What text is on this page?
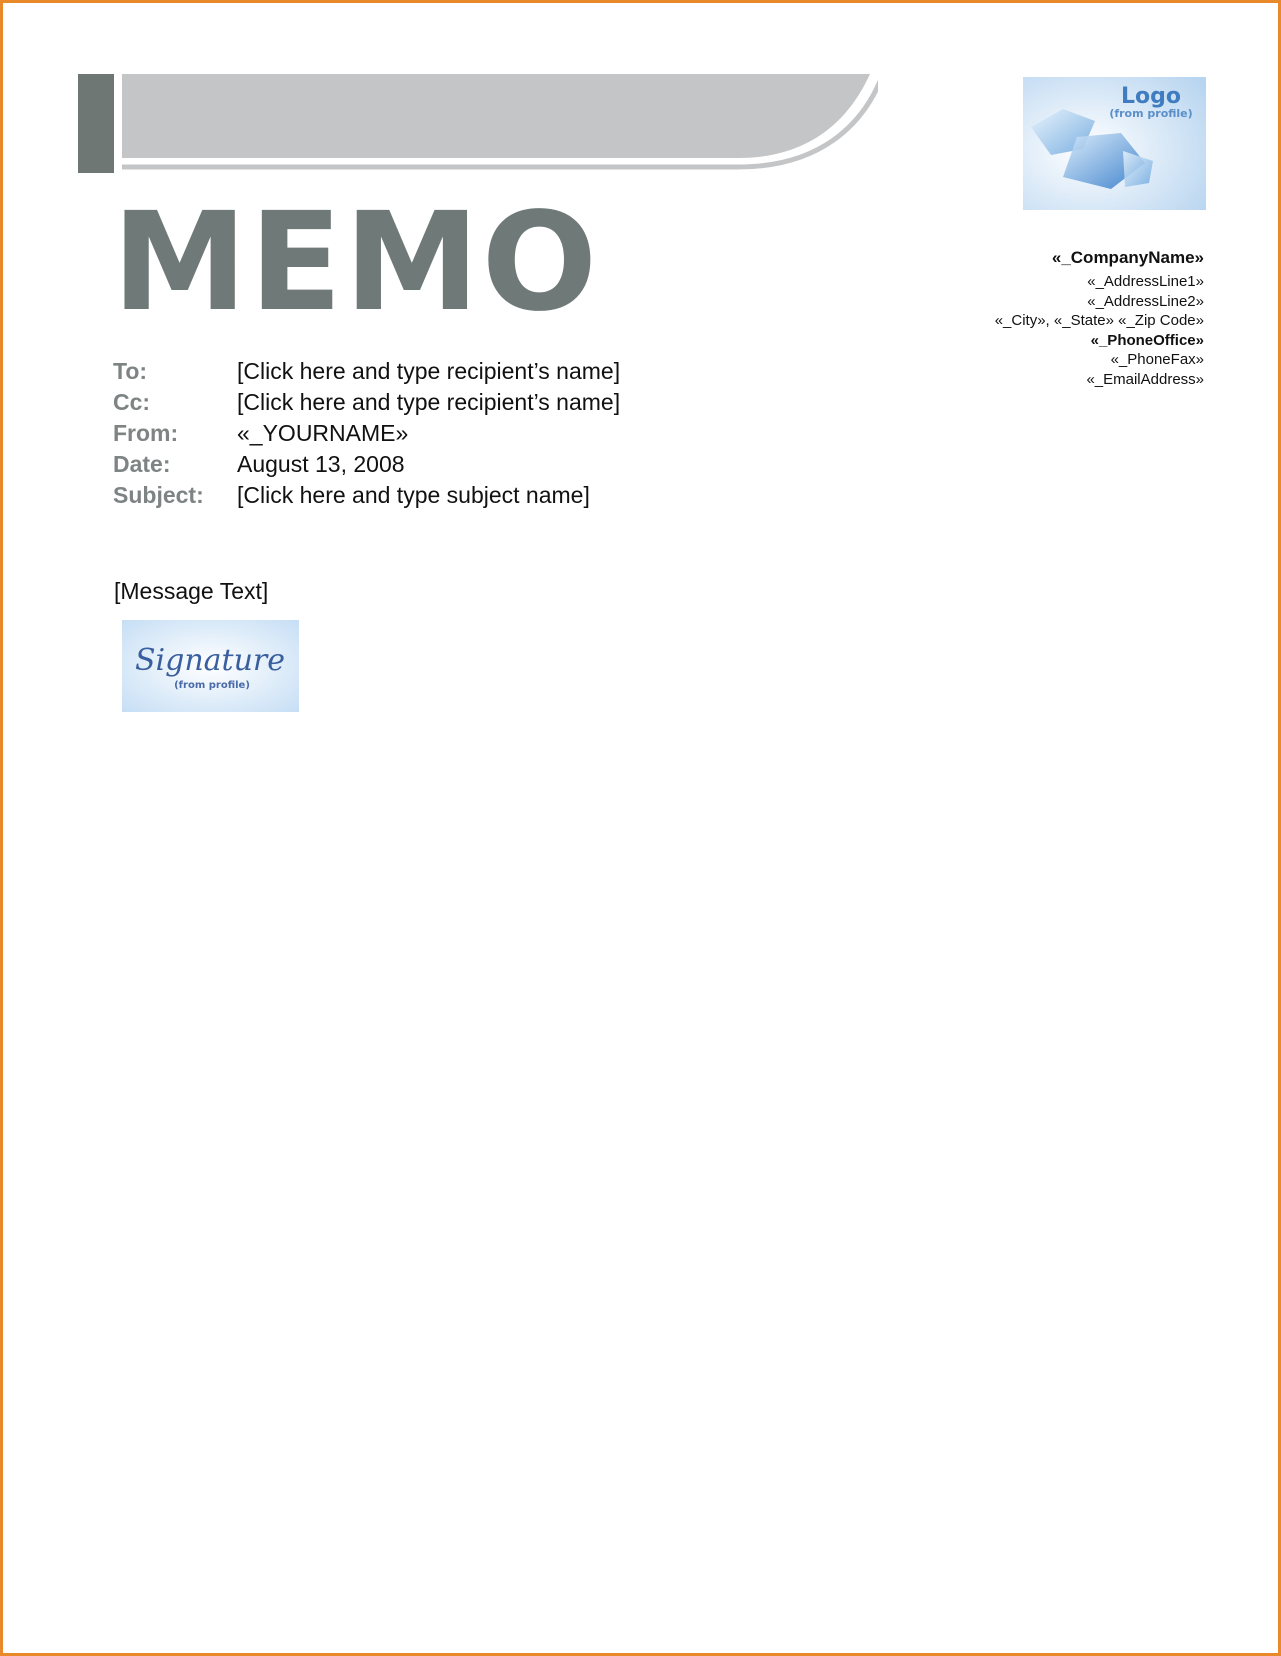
MEMO
Logo
(from profile)
«_CompanyName»
«_AddressLine1»
«_AddressLine2»
«_City», «_State» «_Zip Code»
«_PhoneOffice»
«_PhoneFax»
«_EmailAddress»
To:	[Click here and type recipient’s name]
Cc:	[Click here and type recipient’s name]
From:	«_YOURNAME»
Date:	August 13, 2008
Subject:	[Click here and type subject name]

[Message Text]

Signature
(from profile)
